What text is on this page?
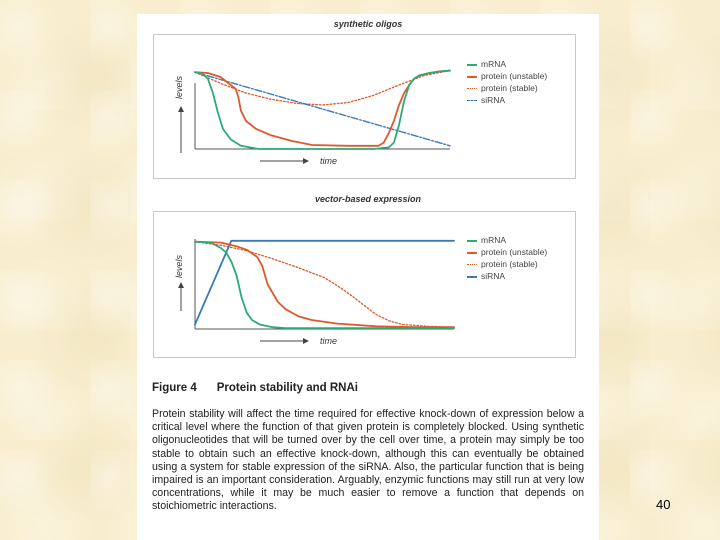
synthetic oligos
levels
time
mRNA
protein (unstable)
protein (stable)
siRNA
vector-based expression
levels
time
mRNA
protein (unstable)
protein (stable)
siRNA
Figure 4 Protein stability and RNAi
Protein stability will affect the time required for effective knock-down of expression below a critical level where the function of that given protein is completely blocked. Using synthetic oligonucleotides that will be turned over by the cell over time, a protein may simply be too stable to obtain such an effective knock-down, although this can eventually be obtained using a system for stable expression of the siRNA. Also, the particular function that is being impaired is an important consideration. Arguably, enzymic functions may still run at very low concentrations, while it may be much easier to remove a function that depends on stoichiometric interactions.	40
